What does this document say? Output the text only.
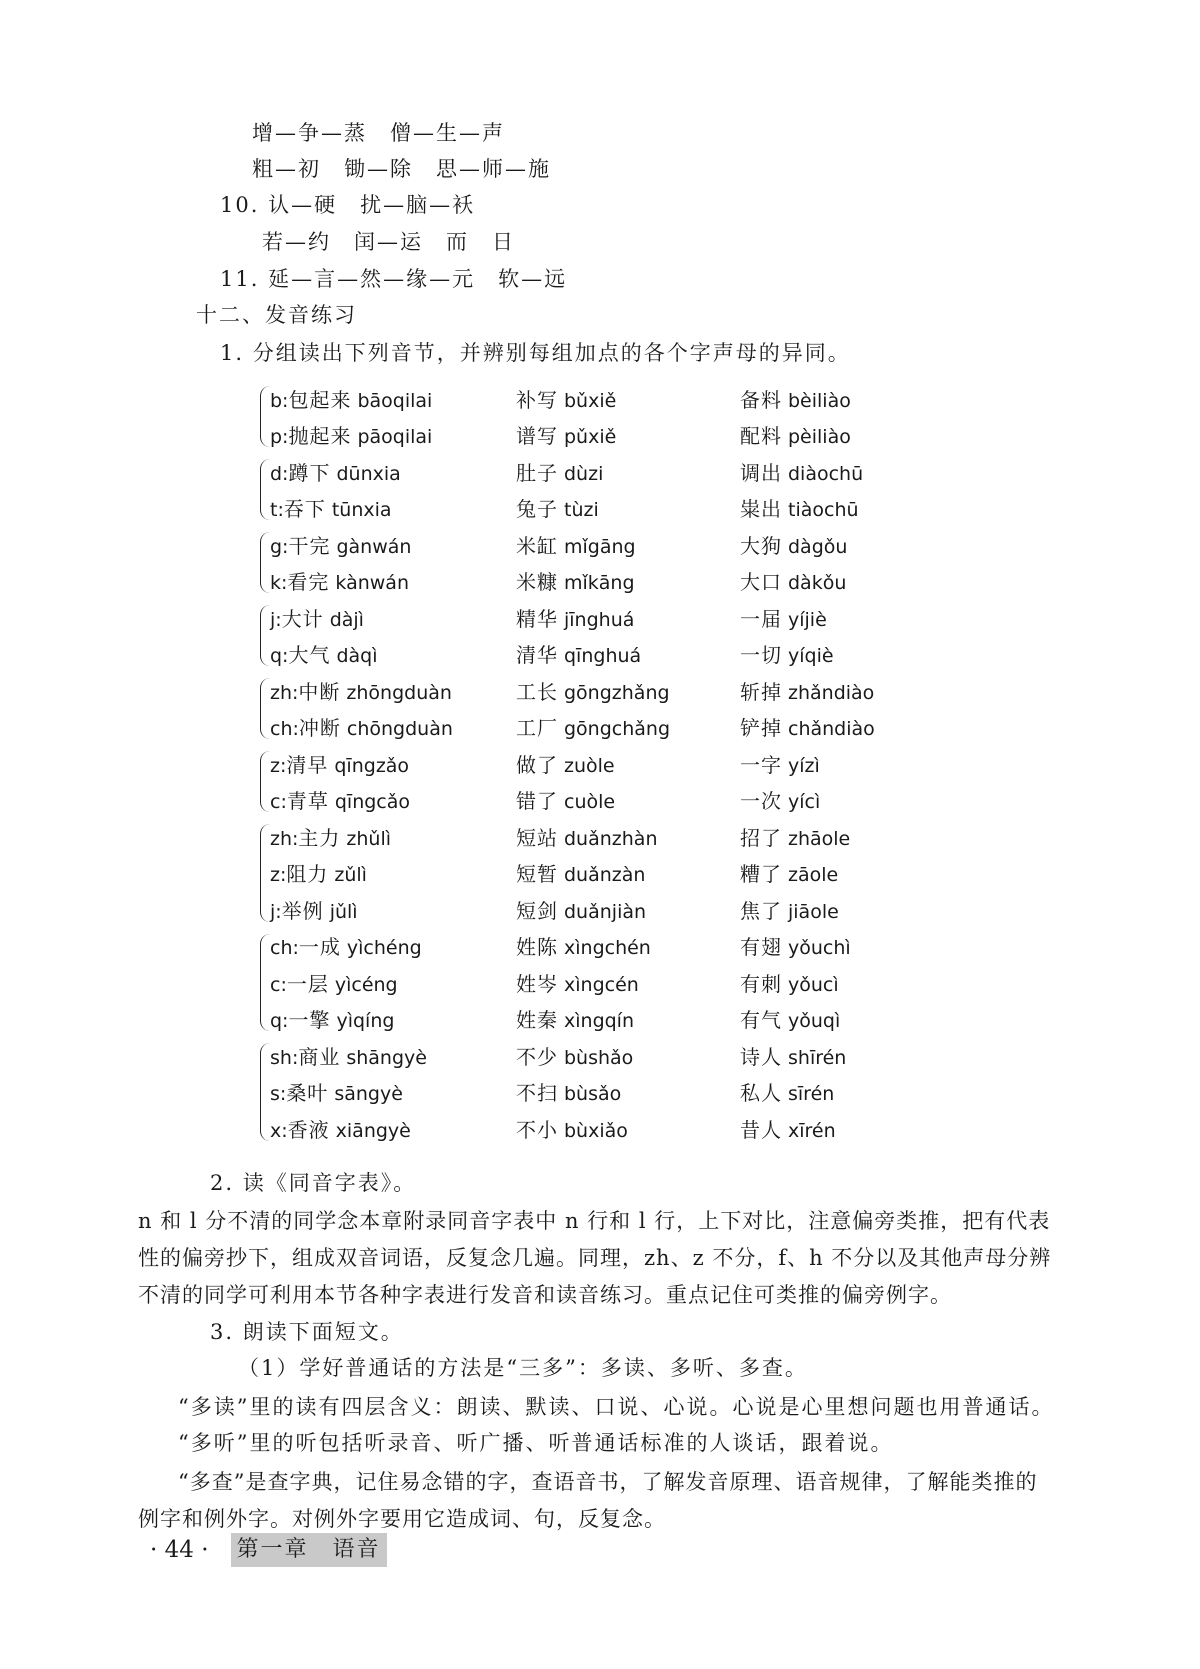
增—争—蒸　僧—生—声
粗—初　锄—除　思—师—施
10. 认—硬　扰—脑—袄
若—约　闰—运　而　日
11. 延—言—然—缘—元　软—远
十二、发音练习
1. 分组读出下列音节，并辨别每组加点的各个字声母的异同。
b:包起来 bāoqilai	补写 bǔxiě	备料 bèiliào
p:抛起来 pāoqilai	谱写 pǔxiě	配料 pèiliào
d:蹲下 dūnxia	肚子 dùzi	调出 diàochū
t:吞下 tūnxia	兔子 tùzi	粜出 tiàochū
g:干完 gànwán	米缸 mǐgāng	大狗 dàgǒu
k:看完 kànwán	米糠 mǐkāng	大口 dàkǒu
j:大计 dàjì	精华 jīnghuá	一届 yíjiè
q:大气 dàqì	清华 qīnghuá	一切 yíqiè
zh:中断 zhōngduàn	工长 gōngzhǎng	斩掉 zhǎndiào
ch:冲断 chōngduàn	工厂 gōngchǎng	铲掉 chǎndiào
z:清早 qīngzǎo	做了 zuòle	一字 yízì
c:青草 qīngcǎo	错了 cuòle	一次 yícì
zh:主力 zhǔlì	短站 duǎnzhàn	招了 zhāole
z:阻力 zǔlì	短暂 duǎnzàn	糟了 zāole
j:举例 jǔlì	短剑 duǎnjiàn	焦了 jiāole
ch:一成 yìchéng	姓陈 xìngchén	有翅 yǒuchì
c:一层 yìcéng	姓岑 xìngcén	有刺 yǒucì
q:一擎 yìqíng	姓秦 xìngqín	有气 yǒuqì
sh:商业 shāngyè	不少 bùshǎo	诗人 shīrén
s:桑叶 sāngyè	不扫 bùsǎo	私人 sīrén
x:香液 xiāngyè	不小 bùxiǎo	昔人 xīrén
2. 读《同音字表》。
n 和 l 分不清的同学念本章附录同音字表中 n 行和 l 行，上下对比，注意偏旁类推，把有代表性的偏旁抄下，组成双音词语，反复念几遍。同理，zh、z 不分，f、h 不分以及其他声母分辨不清的同学可利用本节各种字表进行发音和读音练习。重点记住可类推的偏旁例字。
3. 朗读下面短文。
（1）学好普通话的方法是“三多”：多读、多听、多查。
“多读”里的读有四层含义：朗读、默读、口说、心说。心说是心里想问题也用普通话。
“多听”里的听包括听录音、听广播、听普通话标准的人谈话，跟着说。
“多查”是查字典，记住易念错的字，查语音书，了解发音原理、语音规律，了解能类推的例字和例外字。对例外字要用它造成词、句，反复念。
· 44 · 第一章　语音
